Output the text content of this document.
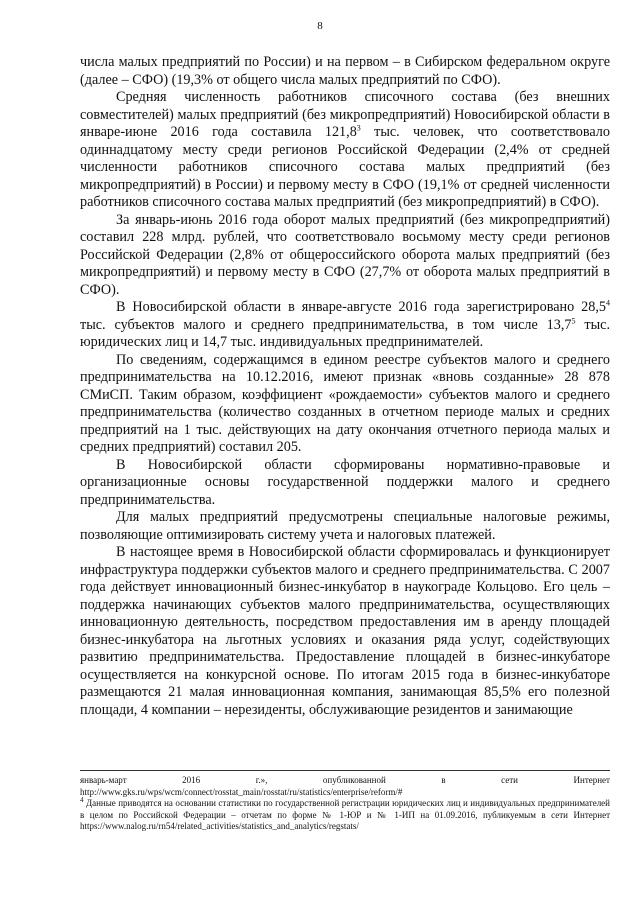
8

числа малых предприятий по России) и на первом – в Сибирском федеральном округе (далее – СФО) (19,3% от общего числа малых предприятий по СФО).

Средняя численность работников списочного состава (без внешних совместителей) малых предприятий (без микропредприятий) Новосибирской области в январе-июне 2016 года составила 121,8$^3$ тыс. человек, что соответствовало одиннадцатому месту среди регионов Российской Федерации (2,4% от средней численности работников списочного состава малых предприятий (без микропредприятий) в России) и первому месту в СФО (19,1% от средней численности работников списочного состава малых предприятий (без микропредприятий) в СФО).

За январь-июнь 2016 года оборот малых предприятий (без микропредприятий) составил 228 млрд. рублей, что соответствовало восьмому месту среди регионов Российской Федерации (2,8% от общероссийского оборота малых предприятий (без микропредприятий) и первому месту в СФО (27,7% от оборота малых предприятий в СФО).

В Новосибирской области в январе-августе 2016 года зарегистрировано 28,5$^4$ тыс. субъектов малого и среднего предпринимательства, в том числе 13,7$^5$ тыс. юридических лиц и 14,7 тыс. индивидуальных предпринимателей.

По сведениям, содержащимся в едином реестре субъектов малого и среднего предпринимательства на 10.12.2016, имеют признак «вновь созданные» 28 878 СМиСП. Таким образом, коэффициент «рождаемости» субъектов малого и среднего предпринимательства (количество созданных в отчетном периоде малых и средних предприятий на 1 тыс. действующих на дату окончания отчетного периода малых и средних предприятий) составил 205.

В Новосибирской области сформированы нормативно-правовые и организационные основы государственной поддержки малого и среднего предпринимательства.

Для малых предприятий предусмотрены специальные налоговые режимы, позволяющие оптимизировать систему учета и налоговых платежей.

В настоящее время в Новосибирской области сформировалась и функционирует инфраструктура поддержки субъектов малого и среднего предпринимательства. С 2007 года действует инновационный бизнес-инкубатор в наукограде Кольцово. Его цель – поддержка начинающих субъектов малого предпринимательства, осуществляющих инновационную деятельность, посредством предоставления им в аренду площадей бизнес-инкубатора на льготных условиях и оказания ряда услуг, содействующих развитию предпринимательства. Предоставление площадей в бизнес-инкубаторе осуществляется на конкурсной основе. По итогам 2015 года в бизнес-инкубаторе размещаются 21 малая инновационная компания, занимающая 85,5% его полезной площади, 4 компании – нерезиденты, обслуживающие резидентов и занимающие

январь-март 2016 г.», опубликованной в сети Интернет http://www.gks.ru/wps/wcm/connect/rosstat_main/rosstat/ru/statistics/enterprise/reform/#

$^4$ Данные приводятся на основании статистики по государственной регистрации юридических лиц и индивидуальных предпринимателей в целом по Российской Федерации – отчетам по форме № 1-ЮР и № 1-ИП на 01.09.2016, публикуемым в сети Интернет https://www.nalog.ru/rn54/related_activities/statistics_and_analytics/regstats/
